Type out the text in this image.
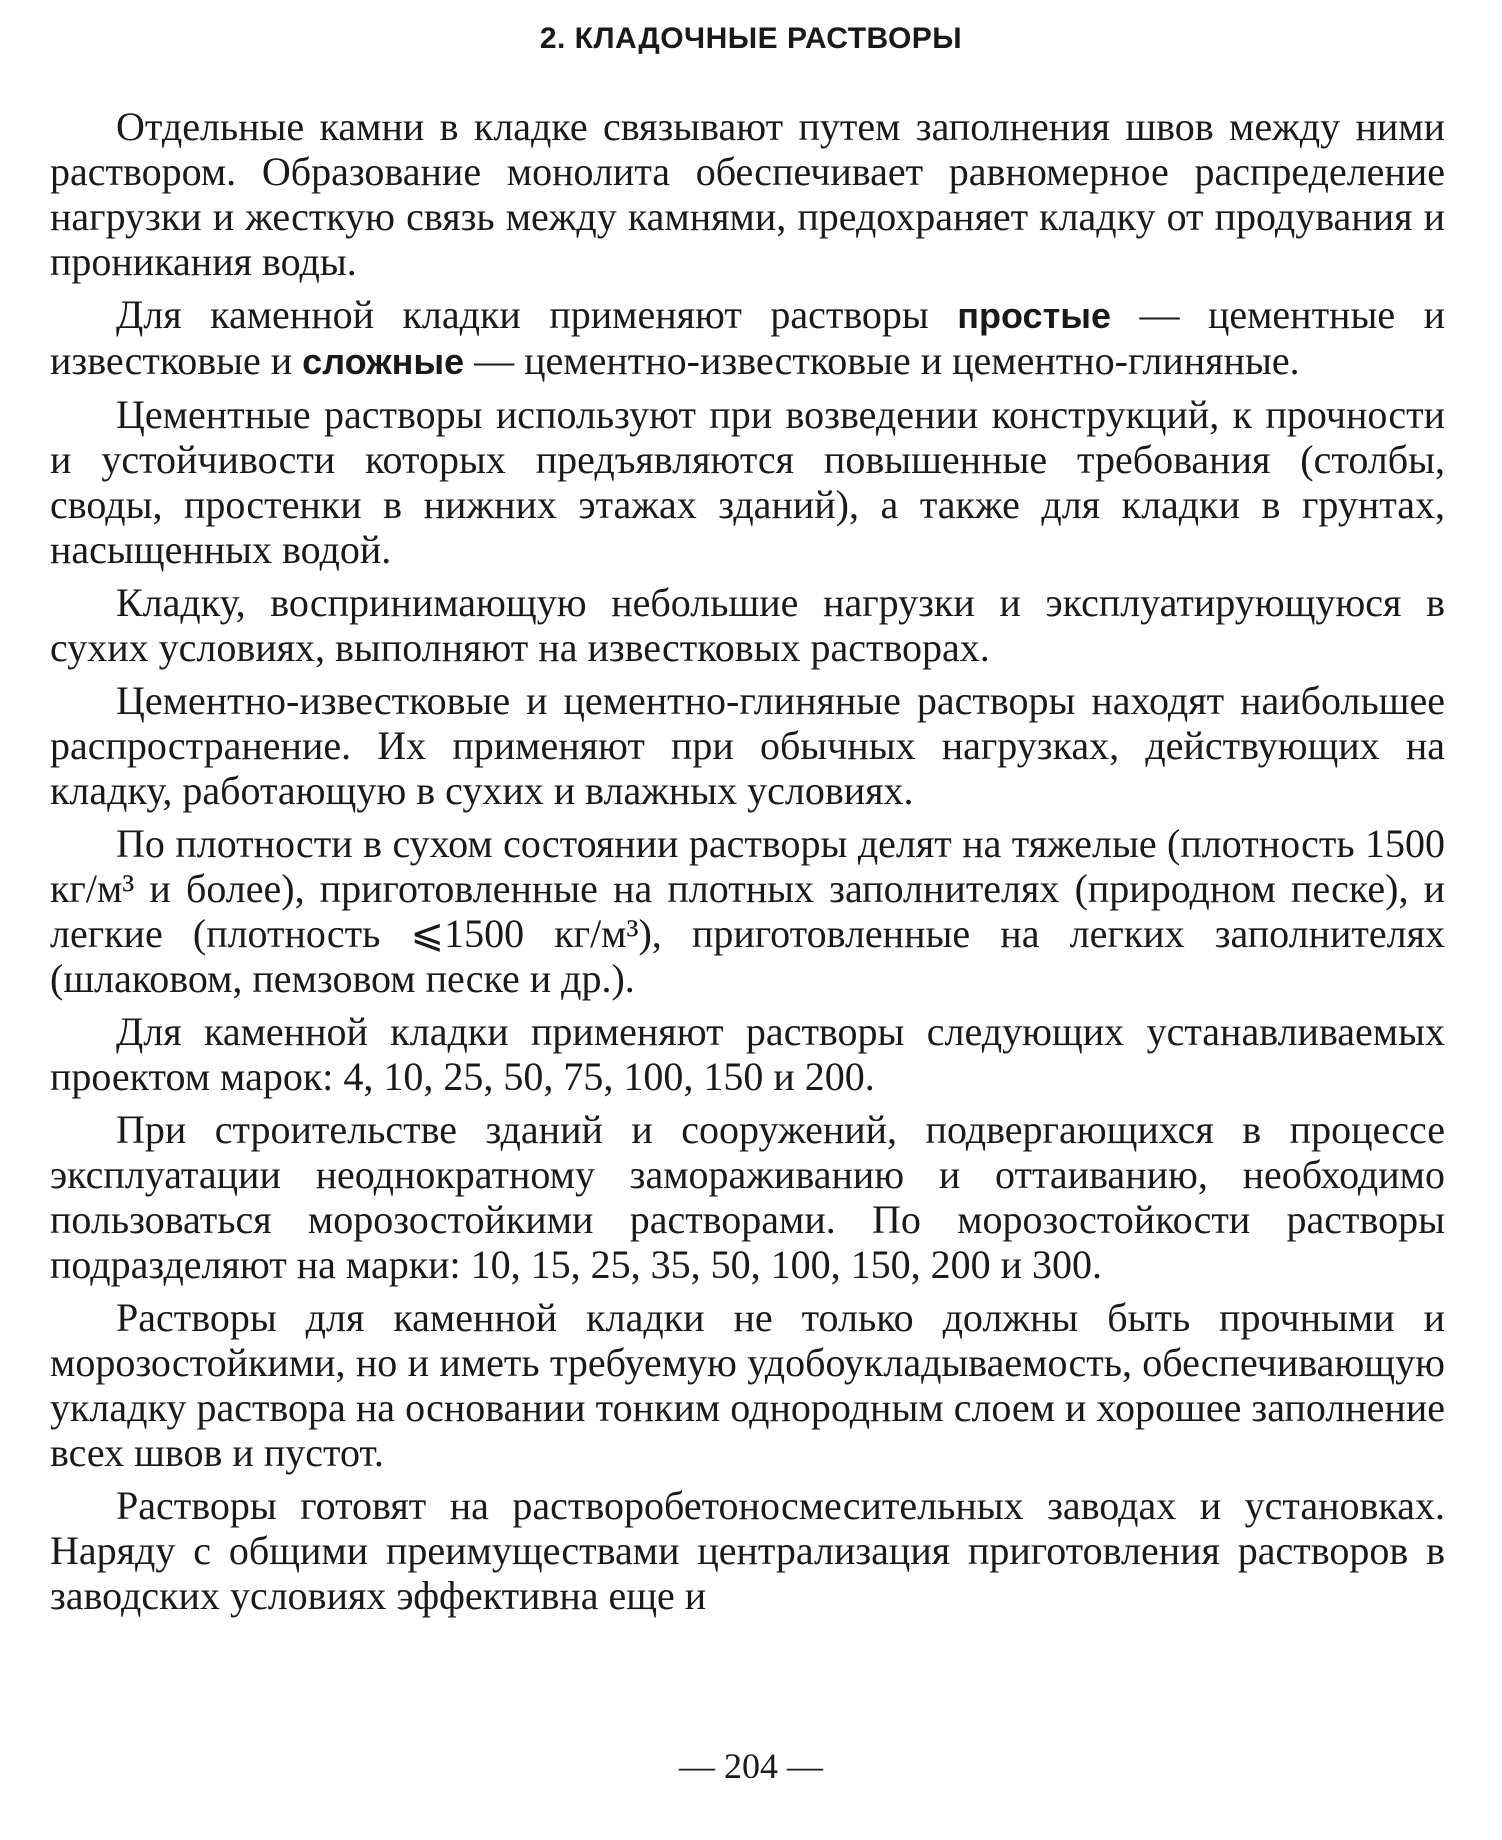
2. КЛАДОЧНЫЕ РАСТВОРЫ

Отдельные камни в кладке связывают путем заполнения швов между ними раствором. Образование монолита обеспечивает равномерное распределение нагрузки и жесткую связь между камнями, предохраняет кладку от продувания и проникания воды.

Для каменной кладки применяют растворы простые — цементные и известковые и сложные — цементно-известковые и цементно-глиняные.

Цементные растворы используют при возведении конструкций, к прочности и устойчивости которых предъявляются повышенные требования (столбы, своды, простенки в нижних этажах зданий), а также для кладки в грунтах, насыщенных водой.

Кладку, воспринимающую небольшие нагрузки и эксплуатирующуюся в сухих условиях, выполняют на известковых растворах.

Цементно-известковые и цементно-глиняные растворы находят наибольшее распространение. Их применяют при обычных нагрузках, действующих на кладку, работающую в сухих и влажных условиях.

По плотности в сухом состоянии растворы делят на тяжелые (плотность 1500 кг/м³ и более), приготовленные на плотных заполнителях (природном песке), и легкие (плотность ⩽1500 кг/м³), приготовленные на легких заполнителях (шлаковом, пемзовом песке и др.).

Для каменной кладки применяют растворы следующих устанавливаемых проектом марок: 4, 10, 25, 50, 75, 100, 150 и 200.

При строительстве зданий и сооружений, подвергающихся в процессе эксплуатации неоднократному замораживанию и оттаиванию, необходимо пользоваться морозостойкими растворами. По морозостойкости растворы подразделяют на марки: 10, 15, 25, 35, 50, 100, 150, 200 и 300.

Растворы для каменной кладки не только должны быть прочными и морозостойкими, но и иметь требуемую удобоукладываемость, обеспечивающую укладку раствора на основании тонким однородным слоем и хорошее заполнение всех швов и пустот.

Растворы готовят на растворобетоносмесительных заводах и установках. Наряду с общими преимуществами централизация приготовления растворов в заводских условиях эффективна еще и

— 204 —
